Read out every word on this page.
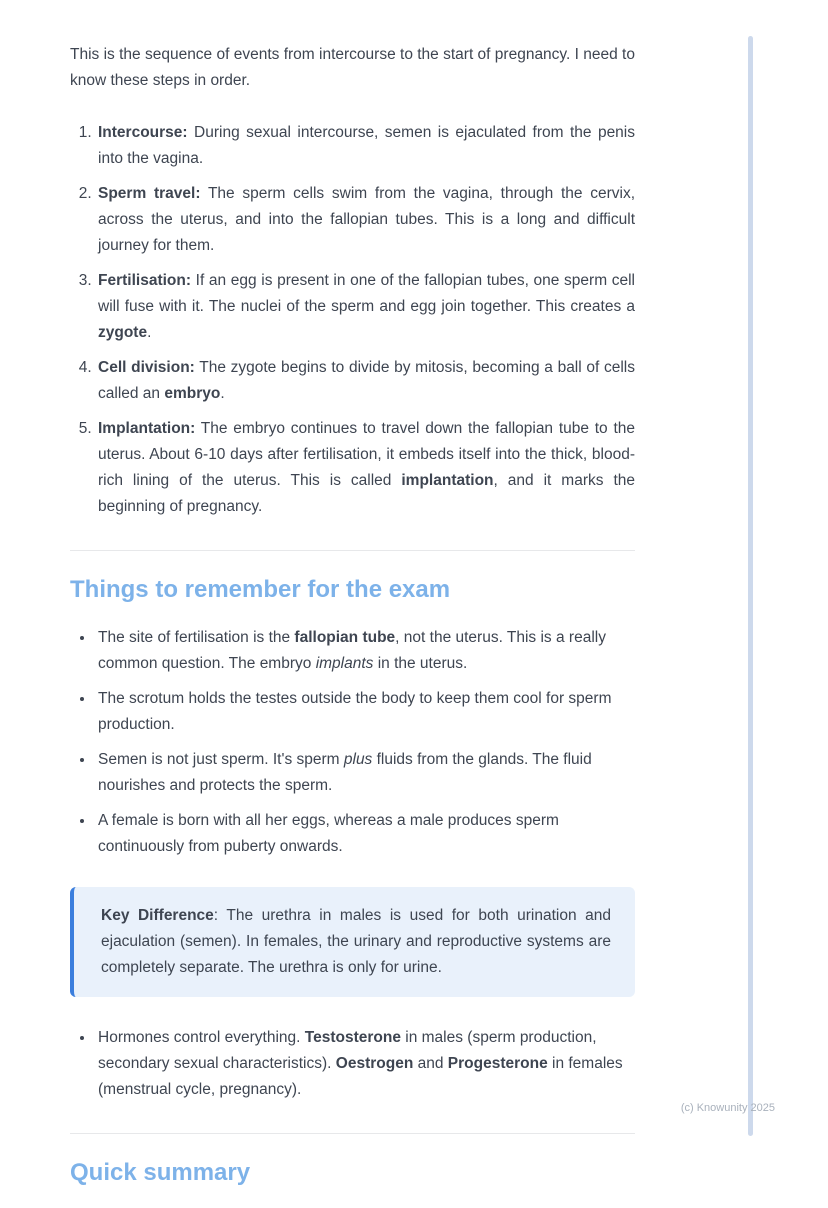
This is the sequence of events from intercourse to the start of pregnancy. I need to know these steps in order.

1. Intercourse: During sexual intercourse, semen is ejaculated from the penis into the vagina.
2. Sperm travel: The sperm cells swim from the vagina, through the cervix, across the uterus, and into the fallopian tubes. This is a long and difficult journey for them.
3. Fertilisation: If an egg is present in one of the fallopian tubes, one sperm cell will fuse with it. The nuclei of the sperm and egg join together. This creates a zygote.
4. Cell division: The zygote begins to divide by mitosis, becoming a ball of cells called an embryo.
5. Implantation: The embryo continues to travel down the fallopian tube to the uterus. About 6-10 days after fertilisation, it embeds itself into the thick, blood-rich lining of the uterus. This is called implantation, and it marks the beginning of pregnancy.
Things to remember for the exam
• The site of fertilisation is the fallopian tube, not the uterus. This is a really common question. The embryo implants in the uterus.
• The scrotum holds the testes outside the body to keep them cool for sperm production.
• Semen is not just sperm. It's sperm plus fluids from the glands. The fluid nourishes and protects the sperm.
• A female is born with all her eggs, whereas a male produces sperm continuously from puberty onwards.

Key Difference: The urethra in males is used for both urination and ejaculation (semen). In females, the urinary and reproductive systems are completely separate. The urethra is only for urine.

• Hormones control everything. Testosterone in males (sperm production, secondary sexual characteristics). Oestrogen and Progesterone in females (menstrual cycle, pregnancy).
Quick summary
(c) Knowunity 2025
